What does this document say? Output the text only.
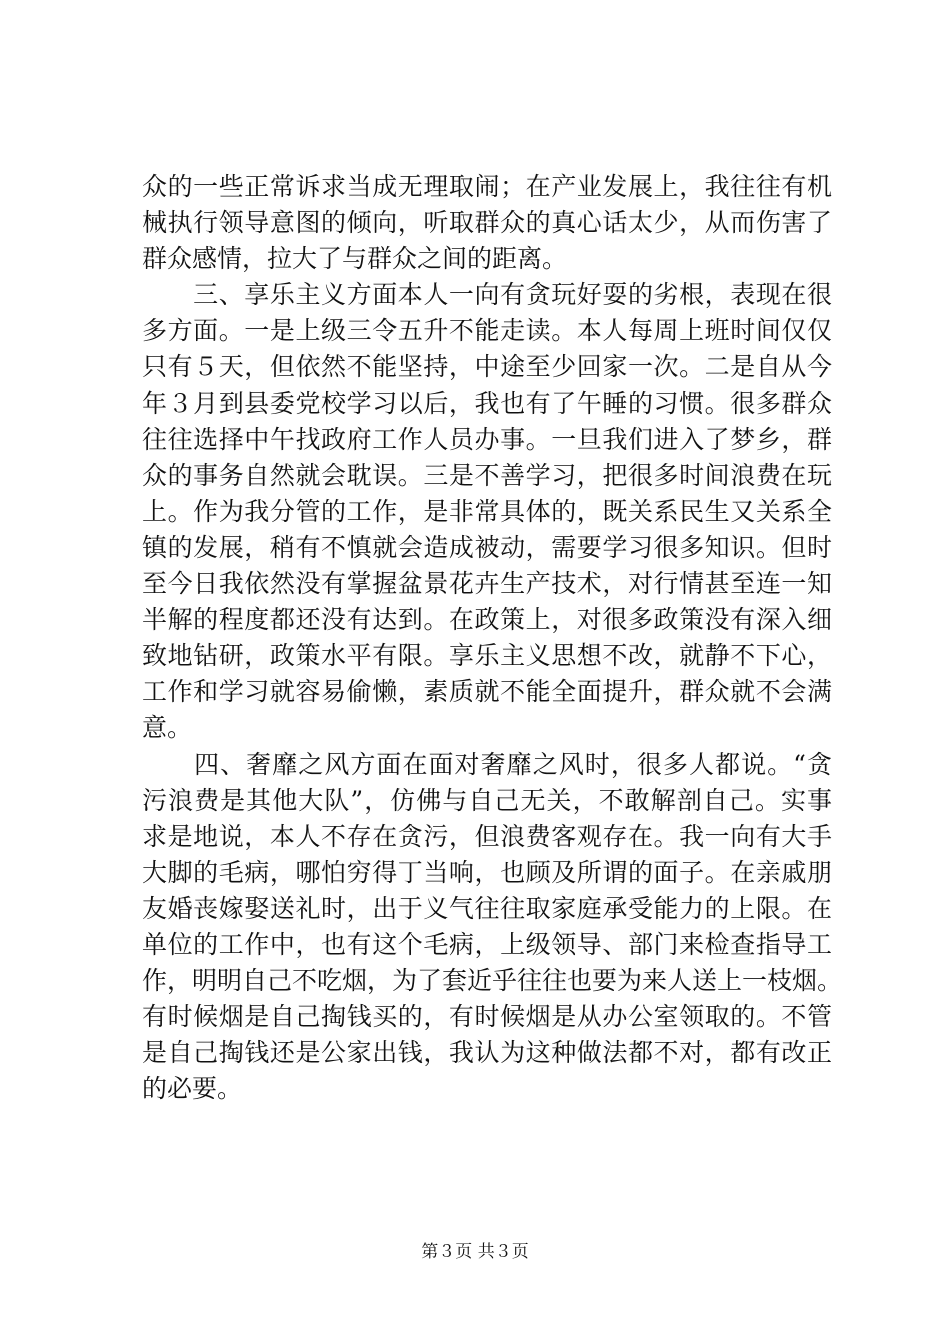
众的一些正常诉求当成无理取闹；在产业发展上，我往往有机
械执行领导意图的倾向，听取群众的真心话太少，从而伤害了
群众感情，拉大了与群众之间的距离。
　　三、享乐主义方面本人一向有贪玩好耍的劣根，表现在很
多方面。一是上级三令五升不能走读。本人每周上班时间仅仅
只有５天，但依然不能坚持，中途至少回家一次。二是自从今
年３月到县委党校学习以后，我也有了午睡的习惯。很多群众
往往选择中午找政府工作人员办事。一旦我们进入了梦乡，群
众的事务自然就会耽误。三是不善学习，把很多时间浪费在玩
上。作为我分管的工作，是非常具体的，既关系民生又关系全
镇的发展，稍有不慎就会造成被动，需要学习很多知识。但时
至今日我依然没有掌握盆景花卉生产技术，对行情甚至连一知
半解的程度都还没有达到。在政策上，对很多政策没有深入细
致地钻研，政策水平有限。享乐主义思想不改，就静不下心，
工作和学习就容易偷懒，素质就不能全面提升，群众就不会满
意。
　　四、奢靡之风方面在面对奢靡之风时，很多人都说。“贪
污浪费是其他大队”，仿佛与自己无关，不敢解剖自己。实事
求是地说，本人不存在贪污，但浪费客观存在。我一向有大手
大脚的毛病，哪怕穷得丁当响，也顾及所谓的面子。在亲戚朋
友婚丧嫁娶送礼时，出于义气往往取家庭承受能力的上限。在
单位的工作中，也有这个毛病，上级领导、部门来检查指导工
作，明明自己不吃烟，为了套近乎往往也要为来人送上一枝烟。
有时候烟是自己掏钱买的，有时候烟是从办公室领取的。不管
是自己掏钱还是公家出钱，我认为这种做法都不对，都有改正
的必要。
第３页 共３页
